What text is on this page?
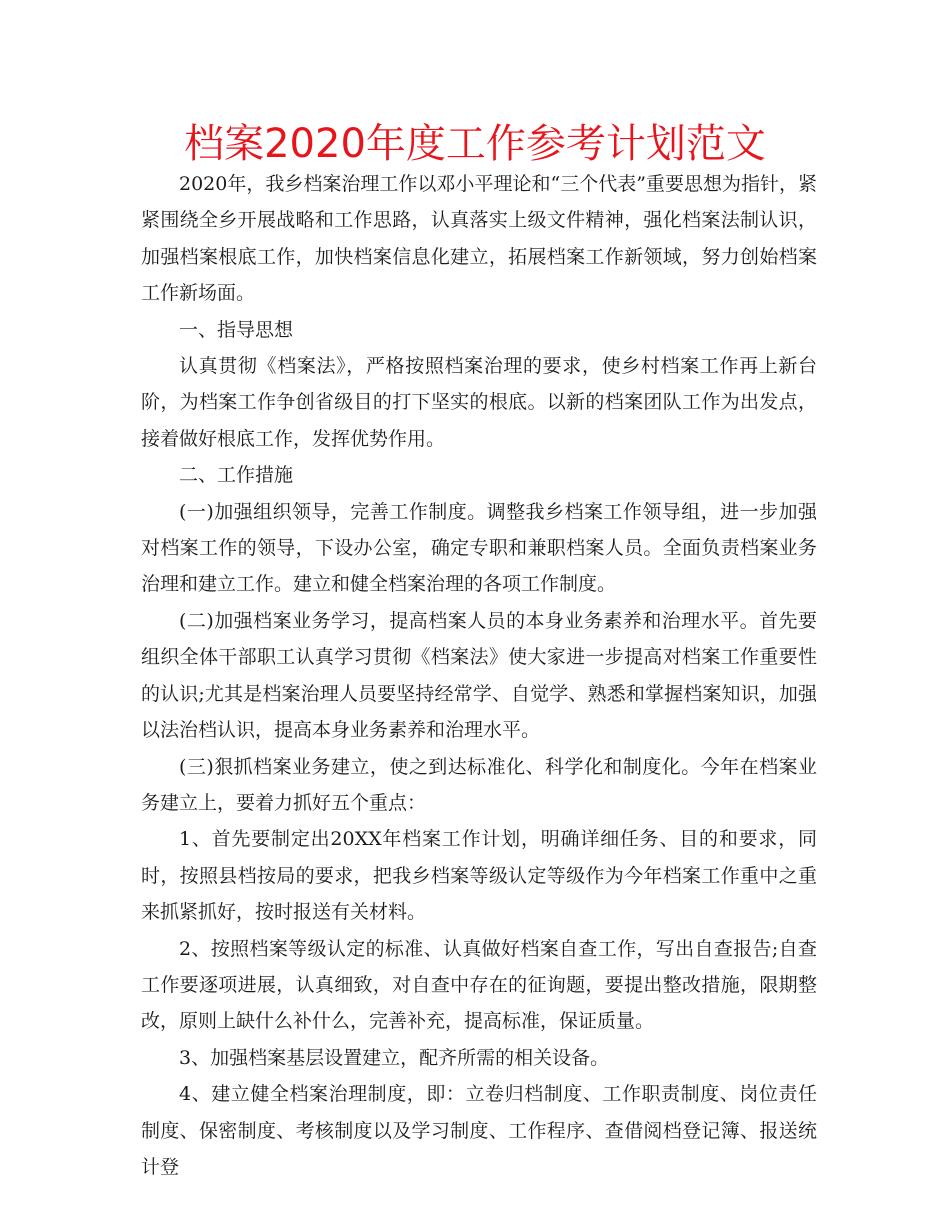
档案2020年度工作参考计划范文

2020年，我乡档案治理工作以邓小平理论和“三个代表”重要思想为指针，紧紧围绕全乡开展战略和工作思路，认真落实上级文件精神，强化档案法制认识，加强档案根底工作，加快档案信息化建立，拓展档案工作新领域，努力创始档案工作新场面。

一、指导思想

认真贯彻《档案法》，严格按照档案治理的要求，使乡村档案工作再上新台阶，为档案工作争创省级目的打下坚实的根底。以新的档案团队工作为出发点，接着做好根底工作，发挥优势作用。

二、工作措施

(一)加强组织领导，完善工作制度。调整我乡档案工作领导组，进一步加强对档案工作的领导，下设办公室，确定专职和兼职档案人员。全面负责档案业务治理和建立工作。建立和健全档案治理的各项工作制度。

(二)加强档案业务学习，提高档案人员的本身业务素养和治理水平。首先要组织全体干部职工认真学习贯彻《档案法》使大家进一步提高对档案工作重要性的认识;尤其是档案治理人员要坚持经常学、自觉学、熟悉和掌握档案知识，加强以法治档认识，提高本身业务素养和治理水平。

(三)狠抓档案业务建立，使之到达标准化、科学化和制度化。今年在档案业务建立上，要着力抓好五个重点：

1、首先要制定出20XX年档案工作计划，明确详细任务、目的和要求，同时，按照县档按局的要求，把我乡档案等级认定等级作为今年档案工作重中之重来抓紧抓好，按时报送有关材料。

2、按照档案等级认定的标准、认真做好档案自查工作，写出自查报告;自查工作要逐项进展，认真细致，对自查中存在的征询题，要提出整改措施，限期整改，原则上缺什么补什么，完善补充，提高标准，保证质量。

3、加强档案基层设置建立，配齐所需的相关设备。

4、建立健全档案治理制度，即：立卷归档制度、工作职责制度、岗位责任制度、保密制度、考核制度以及学习制度、工作程序、查借阅档登记簿、报送统计登
